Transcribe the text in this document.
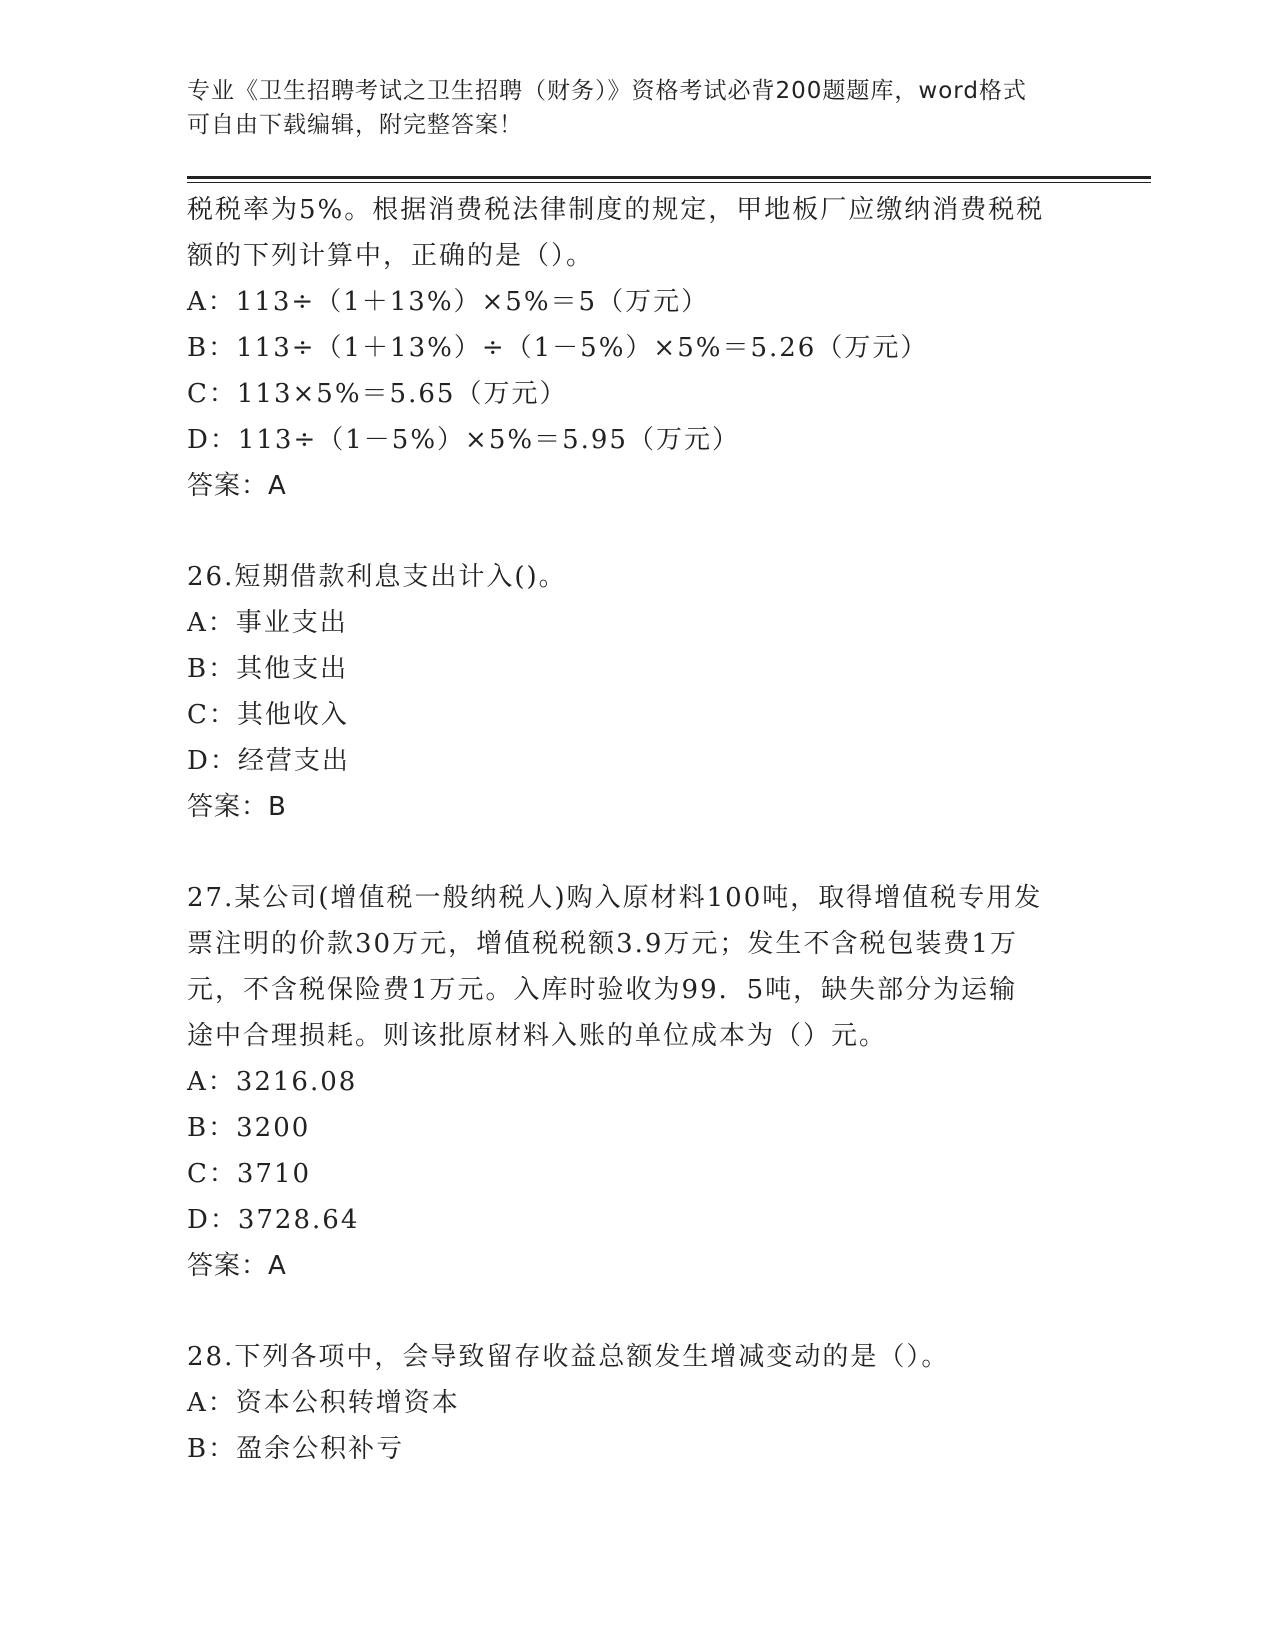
专业《卫生招聘考试之卫生招聘（财务）》资格考试必背200题题库，word格式
可自由下载编辑，附完整答案！
税税率为5%。根据消费税法律制度的规定，甲地板厂应缴纳消费税税
额的下列计算中，正确的是（）。
A：113÷（1＋13%）×5%＝5（万元）
B：113÷（1＋13%）÷（1－5%）×5%＝5.26（万元）
C：113×5%＝5.65（万元）
D：113÷（1－5%）×5%＝5.95（万元）
答案：A
26.短期借款利息支出计入()。
A：事业支出
B：其他支出
C：其他收入
D：经营支出
答案：B
27.某公司(增值税一般纳税人)购入原材料100吨，取得增值税专用发
票注明的价款30万元，增值税税额3.9万元；发生不含税包装费1万
元，不含税保险费1万元。入库时验收为99．5吨，缺失部分为运输
途中合理损耗。则该批原材料入账的单位成本为（）元。
A：3216.08
B：3200
C：3710
D：3728.64
答案：A
28.下列各项中，会导致留存收益总额发生增减变动的是（）。
A：资本公积转增资本
B：盈余公积补亏
